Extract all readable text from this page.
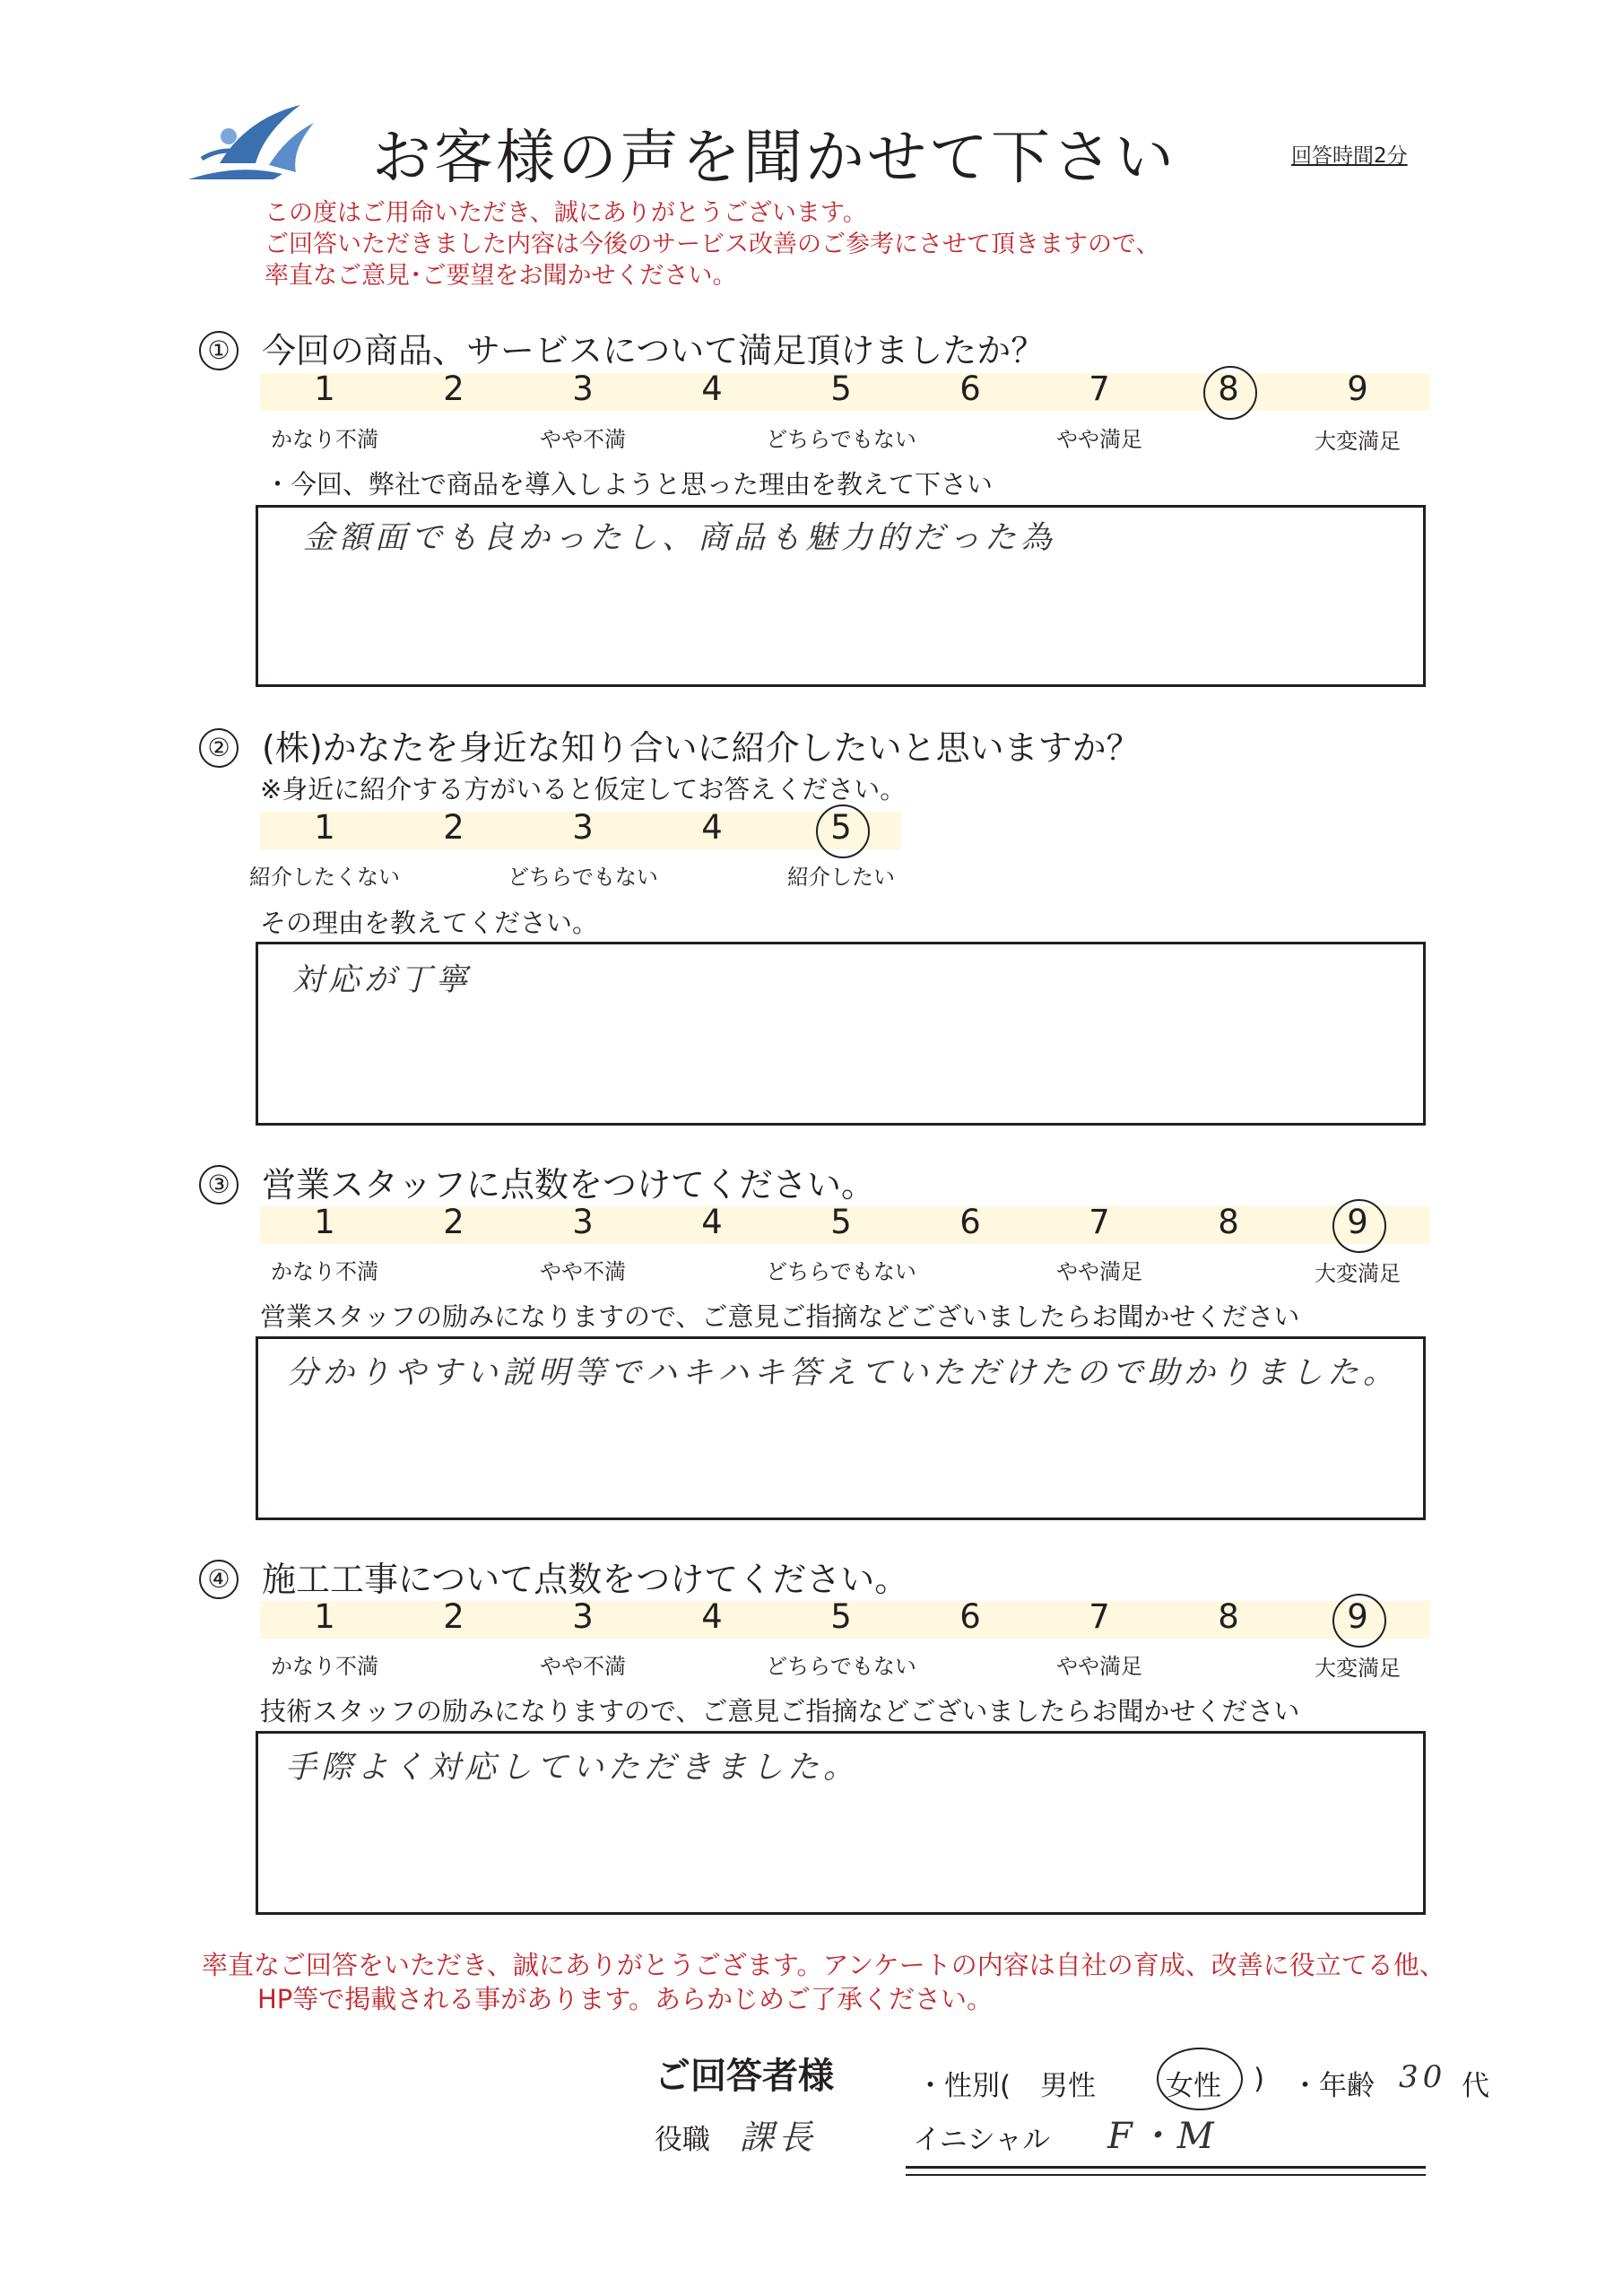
お客様の声を聞かせて下さい	回答時間2分
この度はご用命いただき、誠にありがとうございます。
ご回答いただきました内容は今後のサービス改善のご参考にさせて頂きますので、
率直なご意見･ご要望をお聞かせください。
① 今回の商品、サービスについて満足頂けましたか？
1	2	3	4	5	6	7	8	9
かなり不満	やや不満	どちらでもない	やや満足	大変満足
・今回、弊社で商品を導入しようと思った理由を教えて下さい
金額面でも良かったし、商品も魅力的だった為
② (株)かなたを身近な知り合いに紹介したいと思いますか？
※身近に紹介する方がいると仮定してお答えください。
1	2	3	4	5
紹介したくない	どちらでもない	紹介したい
その理由を教えてください。
対応が丁寧
③ 営業スタッフに点数をつけてください。
1	2	3	4	5	6	7	8	9
かなり不満	やや不満	どちらでもない	やや満足	大変満足
営業スタッフの励みになりますので、ご意見ご指摘などございましたらお聞かせください
分かりやすい説明等でハキハキ答えていただけたので助かりました。
④ 施工工事について点数をつけてください。
1	2	3	4	5	6	7	8	9
かなり不満	やや不満	どちらでもない	やや満足	大変満足
技術スタッフの励みになりますので、ご意見ご指摘などございましたらお聞かせください
手際よく対応していただきました。
率直なご回答をいただき、誠にありがとうござます。アンケートの内容は自社の育成、改善に役立てる他、
HP等で掲載される事があります。あらかじめご了承ください。
ご回答者様	・性別( 男性	女性 ) ・年齢 30 代
役職 課長	イニシャル F・M
